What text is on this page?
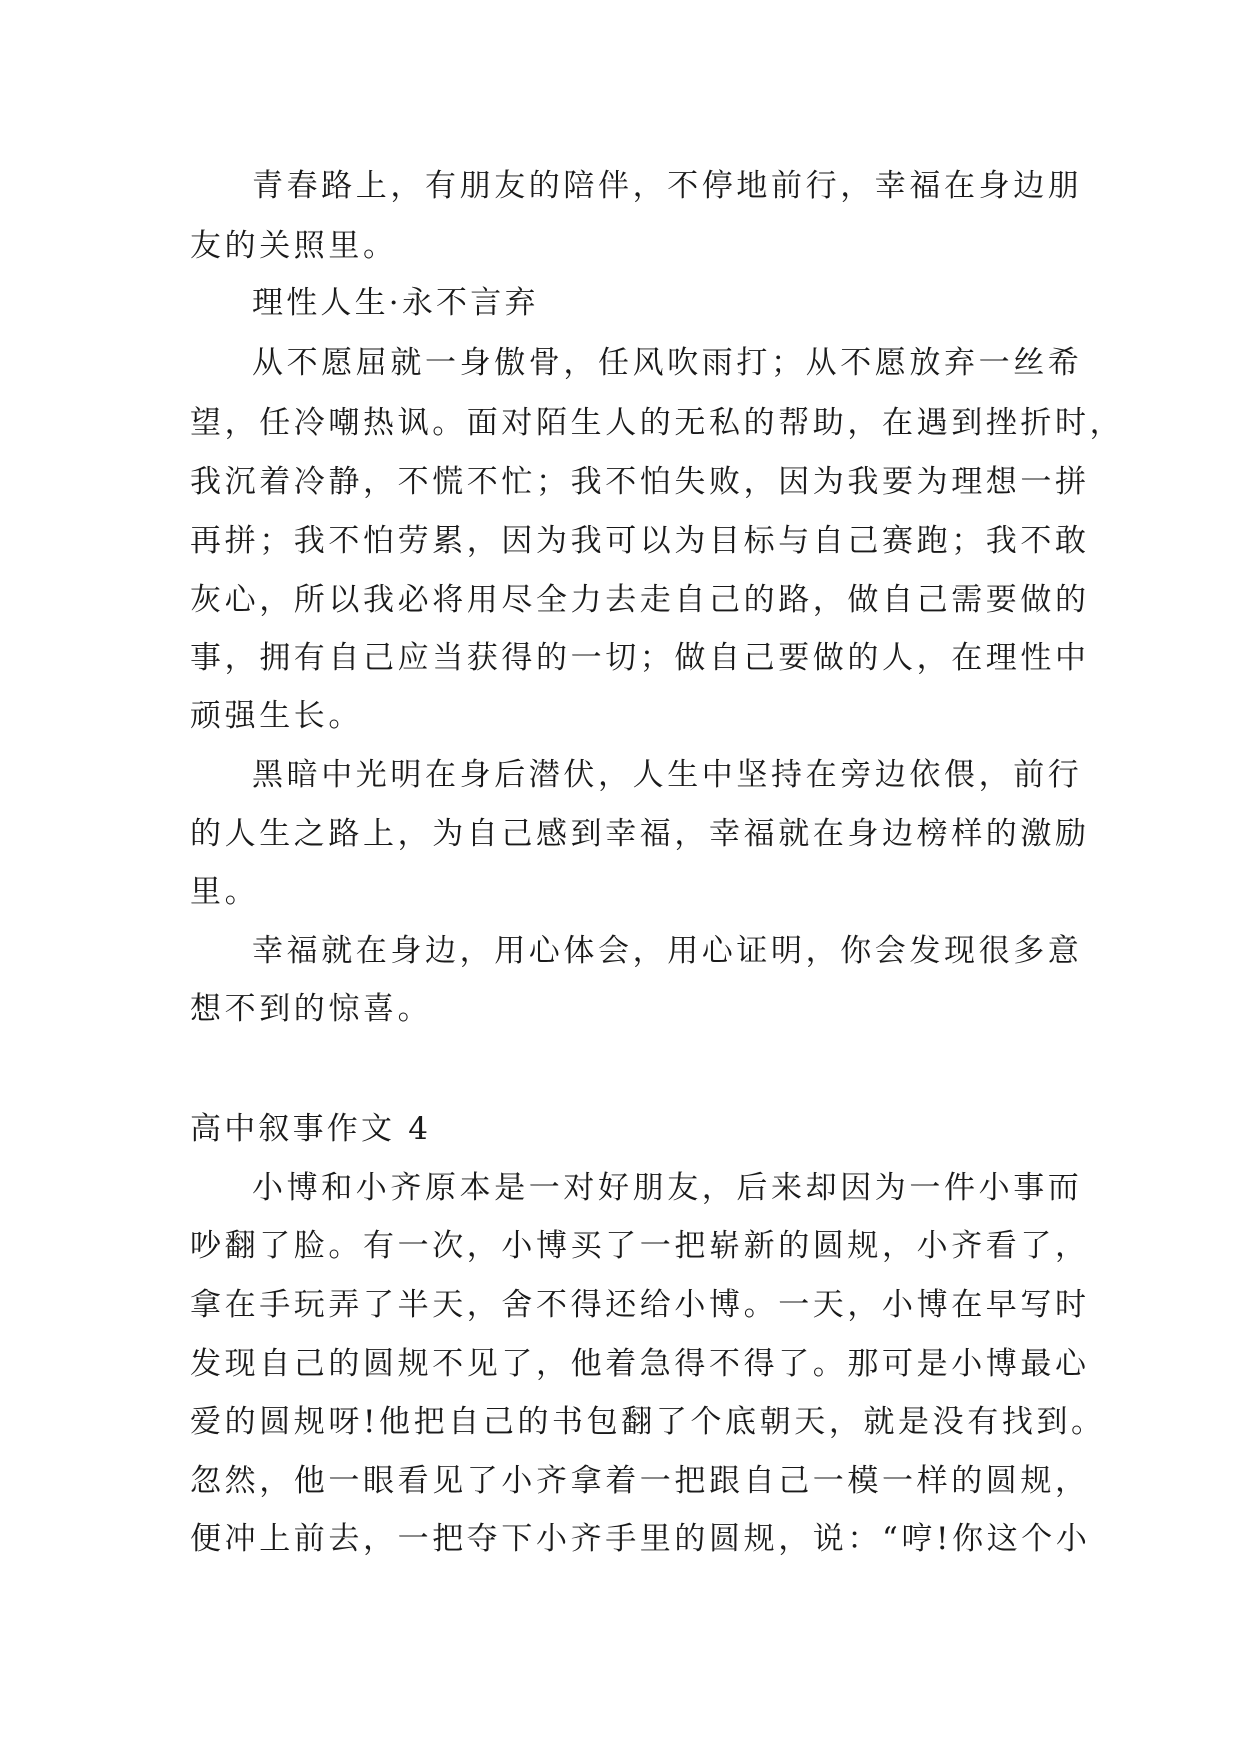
青春路上，有朋友的陪伴，不停地前行，幸福在身边朋
友的关照里。
理性人生·永不言弃
从不愿屈就一身傲骨，任风吹雨打；从不愿放弃一丝希
望，任冷嘲热讽。面对陌生人的无私的帮助，在遇到挫折时，
我沉着冷静，不慌不忙；我不怕失败，因为我要为理想一拼
再拼；我不怕劳累，因为我可以为目标与自己赛跑；我不敢
灰心，所以我必将用尽全力去走自己的路，做自己需要做的
事，拥有自己应当获得的一切；做自己要做的人，在理性中
顽强生长。
黑暗中光明在身后潜伏，人生中坚持在旁边依偎，前行
的人生之路上，为自己感到幸福，幸福就在身边榜样的激励
里。
幸福就在身边，用心体会，用心证明，你会发现很多意
想不到的惊喜。
高中叙事作文 4
小博和小齐原本是一对好朋友，后来却因为一件小事而
吵翻了脸。有一次，小博买了一把崭新的圆规，小齐看了，
拿在手玩弄了半天，舍不得还给小博。一天，小博在早写时
发现自己的圆规不见了，他着急得不得了。那可是小博最心
爱的圆规呀!他把自己的书包翻了个底朝天，就是没有找到。
忽然，他一眼看见了小齐拿着一把跟自己一模一样的圆规，
便冲上前去，一把夺下小齐手里的圆规，说：“哼!你这个小
